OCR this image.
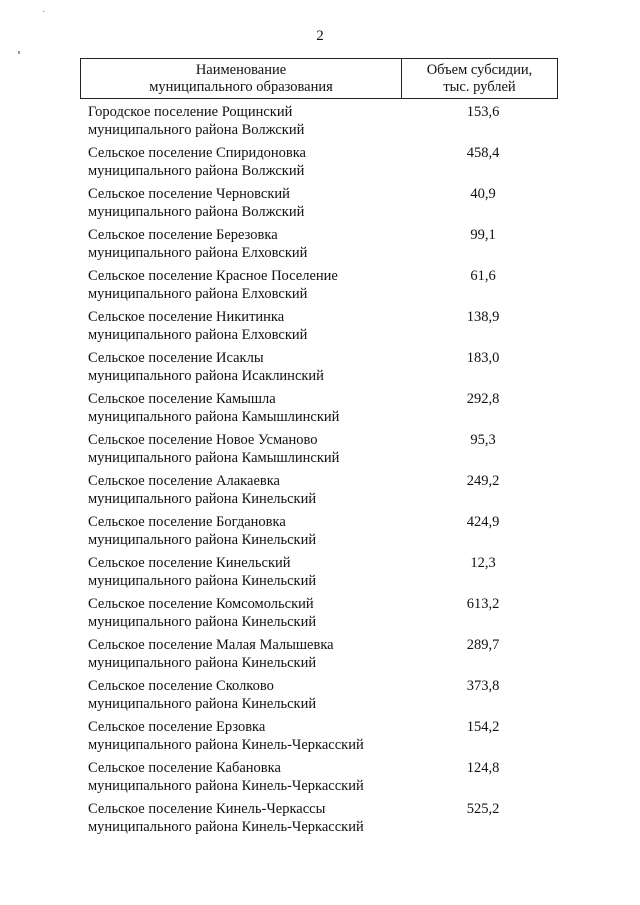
·
2
Наименование
муниципального образования
Объем субсидии,
тыс. рублей
Городское поселение Рощинский
муниципального района Волжский
153,6
Сельское поселение Спиридоновка
муниципального района Волжский
458,4
Сельское поселение Черновский
муниципального района Волжский
40,9
Сельское поселение Березовка
муниципального района Елховский
99,1
Сельское поселение Красное Поселение
муниципального района Елховский
61,6
Сельское поселение Никитинка
муниципального района Елховский
138,9
Сельское поселение Исаклы
муниципального района Исаклинский
183,0
Сельское поселение Камышла
муниципального района Камышлинский
292,8
Сельское поселение Новое Усманово
муниципального района Камышлинский
95,3
Сельское поселение Алакаевка
муниципального района Кинельский
249,2
Сельское поселение Богдановка
муниципального района Кинельский
424,9
Сельское поселение Кинельский
муниципального района Кинельский
12,3
Сельское поселение Комсомольский
муниципального района Кинельский
613,2
Сельское поселение Малая Малышевка
муниципального района Кинельский
289,7
Сельское поселение Сколково
муниципального района Кинельский
373,8
Сельское поселение Ерзовка
муниципального района Кинель-Черкасский
154,2
Сельское поселение Кабановка
муниципального района Кинель-Черкасский
124,8
Сельское поселение Кинель-Черкассы
муниципального района Кинель-Черкасский
525,2
